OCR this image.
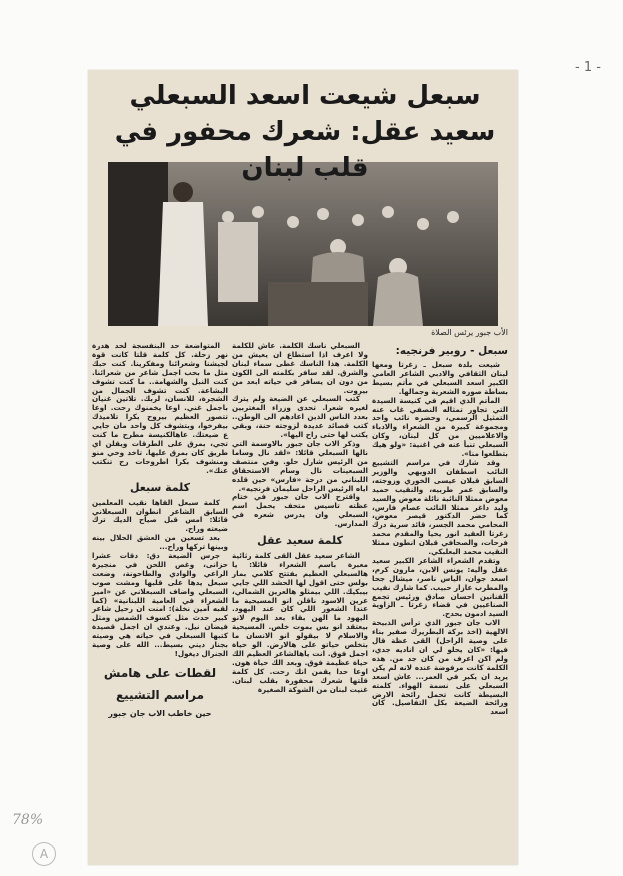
- 1 -
78%
A
سبعل شيعت اسعد السبعلي
سعيد عقل: شعرك محفور في قلب لبنان
الأب جبور يرئس الصلاة

سبعل - روبير فرنجيه:

شيعت بلدة سبعل ـ زغرتا ومعها لبنان الثقافي والادبي الشاعر العامي الكبير اسعد السبعلي في مأتم بسيط بساطة صوره الشعرية وجمالها.

المأتم الذي اقيم في كنيسة السيدة التي تجاور تمثاله النصفي غاب عنه التمثيل الرسمي، وحضره نائب واحد ومجموعة كبيرة من الشعراء والادباء والاعلاميين من كل لبنان، وكان السبعلي تنبأ عنه في اغنية: «ولو هيك بتطلعوا منا».

وقد شارك في مراسم التشييع النائب اسطفان الدويهي والوزير السابق قبلان عيسى الخوري وزوجته، والسابق عمر طربيه، والنقيب حميد معوض ممثلا النائبة نائلة معوض والسيد وليد داغر ممثلا النائب عصام فارس، كما حضر الدكتور قيصر معوض، المحامي محمد الجسر، قائد سرية درك زغرتا العقيد انور يحيا والمقدم محمد فرحات، والصحافي قبلان انطون ممثلا النقيب محمد البعلبكي.

وتقدم الشعراء الشاعر الكبير سعيد عقل واليه: يونس الابن، مارون كرم، اسعد جوان، الياس ناصر، ميشال جحا والمطرب عازار حبيب. كما شارك نقيب الفنانين احسان صادق ورئيس تجمع الصناعيين في قضاء زغرتا ـ الزاوية السيد ادمون بحدح.

الاب جان جبور الذي ترأس الذبيحة الالهية (اخذ بركة البطريرك صفير بناء على وصية الراحل) القى عظة قال فيها: «كان يحلو لي ان اناديه جدي، ولم اكن اعرف من كان جد من. هذه الكلمة كانت مرفوضة عنده لانه لم يكن يريد ان يكبر في العمر... عاش اسعد السبعلي على نسمة الهواء. كلمته البسيطة كانت تحمل رائحة الارض ورائحة الضيعة بكل التفاصيل. كان اسعد

السبعلي ناسك الكلمة. عاش للكلمة ولا اعرف اذا استطاع ان يعيش من الكلمة. هذا الناسك غطى سماء لبنان والشرق. لقد سافر بكلمته الى الكون من دون ان يسافر في حياته ابعد من بيروت.

كتب السبعلي عن الضيعة ولم يترك لغيره شعرا. تحدى وزراء المغتربين بعدد الناس الذين اعادهم الى الوطن.. كتب قصائد عديدة لزوجته حنة، وبقي يكتب لها حتى راح اليها».

وذكر الاب جان جبور بالاوسمة التي نالها السبعلي قائلا: «لقد نال وساما من الرئيس شارل حلو. وفي منتصف السبعينات نال وسام الاستحقاق اللبناني من درجة «فارس» حين قلده اياه الرئيس الراحل سليمان فرنجيه».

واقترح الاب جان جبور في ختام عظته تاسيس متحف يحمل اسم السبعلي وان يدرس شعره في المدارس.

كلمة سعيد عقل

الشاعر سعيد عقل القى كلمة رثائية معبرة باسم الشعراء قائلا: يا هالسبعلي العظيم بفتتح كلامي بمار بولس حتى اقول لها الحشد اللي جايي بيبكيك. اللي بيمثلو هالعرين الشمالي، عرين الاسود ناقلن انو المسيحية ما عندا الشعور اللي كان عند اليهود. اليهود ما الهن بقاء بعد اليوم لانو بيعتقد انو بس بموت خلص. المسيحية والاسلام لا بيقولو انو الانسان ما بتخلص حياتو على هالارض. الو حياة اجمل فوق. انت ياهالشاعر العظيم الك حياة عظيمة فوق. وبعد الك حياة هون. اوعا حدا يقمن انك رحت. كل كلمة قلتها شعرك محفورة بقلب لبنان. غنيت لبنان من الشوكة الصغيرة

المتواضعة حد البنفسجة لحد هدرة نهر زحلة. كل كلمة قلتا كانت قوة لجيشنا وشعرائنا ومفكرينا. كنت حبك مثل ما بحب اجمل شاعر من شعرائنا. كنت النبل والشهامة.. ما كنت تشوف البشاعة. كنت تشوف الجمال من الشجرة، للانسان، لربك. تلاتين غنيان باجمل غني. اوعا يخمنوك رحت. اوعا تتصور العظيم بيروح بكرا تلاميذك بيفرخوا، وبتشوف كل واحد مان جايي ع ضيعتك. عاهالكنيسة مطرح ما كنت تجي، بمرق على الطرقات ويقلن اي طريق كان بمرق عليها. تاخد وحي منو ومنشوف بكرا اطروحات رح تنكتب عنك».

كلمة سبعل

كلمة سبعل القاها نقيب المعلمين السابق الشاعر انطوان السبعلاني قائلا: امس قبل صياح الديك ترك ضيعته وراح.

بعد تسعين من العشق الحلال بينه وبينها تركها وراح...

جرس الضيعة دق: دقات عشرا حزانى، وغص اللحن في منجيرة الراعي والوادي والطاحونة، وضعت سبعل يدها على قلبها ومشت صوب السبعلي واضاف السبعلاني عن «امير الشعراء في العامية اللبنانية» (كما لقبه امين نخلة): امنت ان رحيل شاعر كبير حدث مثل كسوف الشمس ومثل فيضان نيل. وعندي ان اجمل قصيدة كتبها السبعلي في حياته هي وصيته بجناز ديني بسيط... الله على وصية الجنرال ديغول!

لقطات على هامش
مراسم التشييع

حين خاطب الاب جان جبور
